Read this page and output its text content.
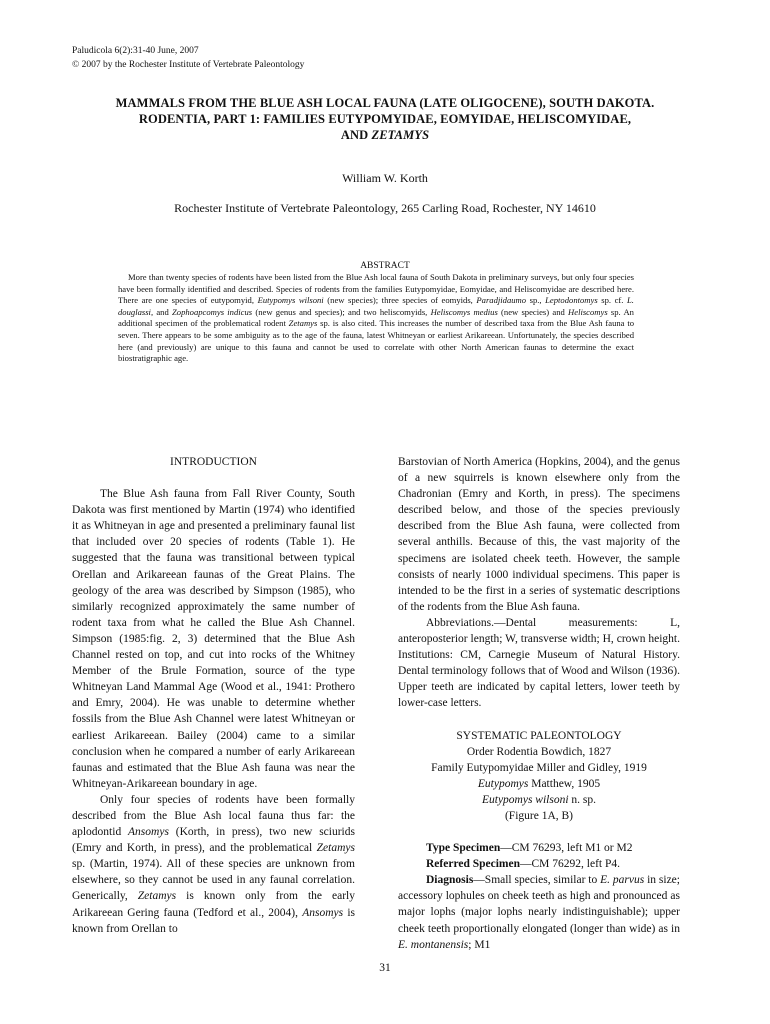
Paludicola 6(2):31-40 June, 2007
© 2007 by the Rochester Institute of Vertebrate Paleontology
MAMMALS FROM THE BLUE ASH LOCAL FAUNA (LATE OLIGOCENE), SOUTH DAKOTA.
RODENTIA, PART 1: FAMILIES EUTYPOMYIDAE, EOMYIDAE, HELISCOMYIDAE,
AND ZETAMYS
William W. Korth
Rochester Institute of Vertebrate Paleontology, 265 Carling Road, Rochester, NY 14610
ABSTRACT
More than twenty species of rodents have been listed from the Blue Ash local fauna of South Dakota in preliminary surveys, but only four species have been formally identified and described. Species of rodents from the families Eutypomyidae, Eomyidae, and Heliscomyidae are described here. There are one species of eutypomyid, Eutypomys wilsoni (new species); three species of eomyids, Paradjidaumo sp., Leptodontomys sp. cf. L. douglassi, and Zophoapcomys indicus (new genus and species); and two heliscomyids, Heliscomys medius (new species) and Heliscomys sp. An additional specimen of the problematical rodent Zetamys sp. is also cited. This increases the number of described taxa from the Blue Ash fauna to seven. There appears to be some ambiguity as to the age of the fauna, latest Whitneyan or earliest Arikareean. Unfortunately, the species described here (and previously) are unique to this fauna and cannot be used to correlate with other North American faunas to determine the exact biostratigraphic age.

INTRODUCTION

The Blue Ash fauna from Fall River County, South Dakota was first mentioned by Martin (1974) who identified it as Whitneyan in age and presented a preliminary faunal list that included over 20 species of rodents (Table 1). He suggested that the fauna was transitional between typical Orellan and Arikareean faunas of the Great Plains. The geology of the area was described by Simpson (1985), who similarly recognized approximately the same number of rodent taxa from what he called the Blue Ash Channel. Simpson (1985:fig. 2, 3) determined that the Blue Ash Channel rested on top, and cut into rocks of the Whitney Member of the Brule Formation, source of the type Whitneyan Land Mammal Age (Wood et al., 1941: Prothero and Emry, 2004). He was unable to determine whether fossils from the Blue Ash Channel were latest Whitneyan or earliest Arikareean. Bailey (2004) came to a similar conclusion when he compared a number of early Arikareean faunas and estimated that the Blue Ash fauna was near the Whitneyan-Arikareean boundary in age.

Only four species of rodents have been formally described from the Blue Ash local fauna thus far: the aplodontid Ansomys (Korth, in press), two new sciurids (Emry and Korth, in press), and the problematical Zetamys sp. (Martin, 1974). All of these species are unknown from elsewhere, so they cannot be used in any faunal correlation. Generically, Zetamys is known only from the early Arikareean Gering fauna (Tedford et al., 2004), Ansomys is known from Orellan to

Barstovian of North America (Hopkins, 2004), and the genus of a new squirrels is known elsewhere only from the Chadronian (Emry and Korth, in press). The specimens described below, and those of the species previously described from the Blue Ash fauna, were collected from several anthills. Because of this, the vast majority of the specimens are isolated cheek teeth. However, the sample consists of nearly 1000 individual specimens. This paper is intended to be the first in a series of systematic descriptions of the rodents from the Blue Ash fauna.

Abbreviations.—Dental measurements: L, anteroposterior length; W, transverse width; H, crown height. Institutions: CM, Carnegie Museum of Natural History. Dental terminology follows that of Wood and Wilson (1936). Upper teeth are indicated by capital letters, lower teeth by lower-case letters.

SYSTEMATIC PALEONTOLOGY

Order Rodentia Bowdich, 1827

Family Eutypomyidae Miller and Gidley, 1919

Eutypomys Matthew, 1905

Eutypomys wilsoni n. sp.

(Figure 1A, B)

Type Specimen—CM 76293, left M1 or M2

Referred Specimen—CM 76292, left P4.

Diagnosis—Small species, similar to E. parvus in size; accessory lophules on cheek teeth as high and pronounced as major lophs (major lophs nearly indistinguishable); upper cheek teeth proportionally elongated (longer than wide) as in E. montanensis; M1

31
